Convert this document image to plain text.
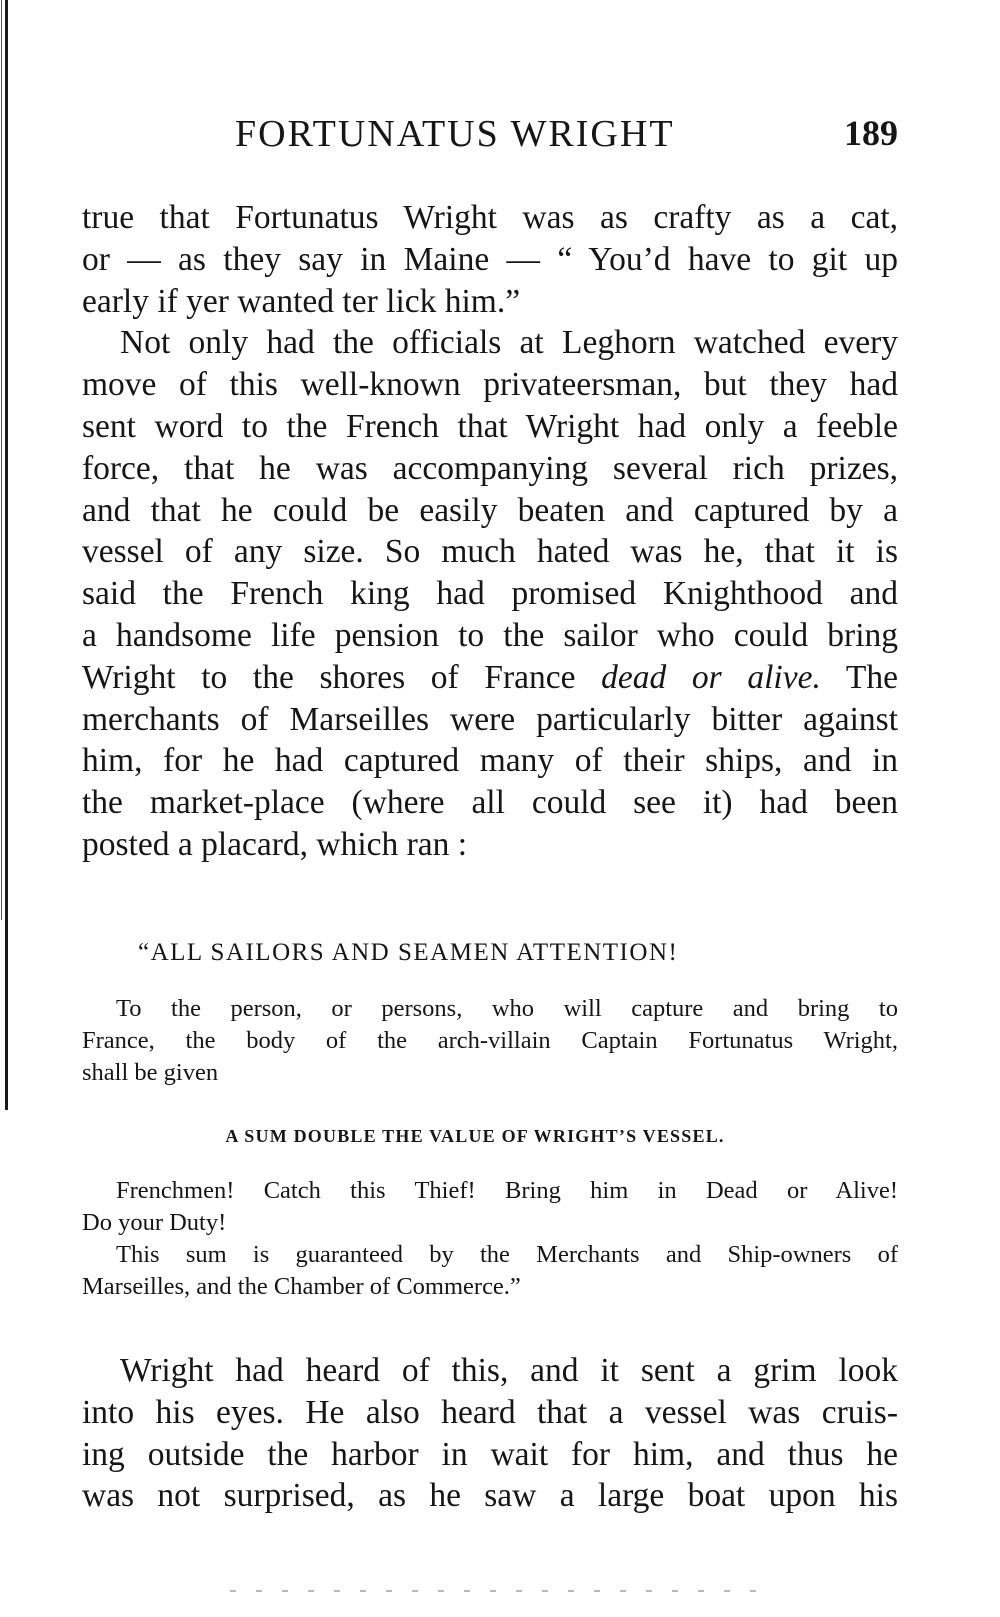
FORTUNATUS WRIGHT	189
true that Fortunatus Wright was as crafty as a cat,
or — as they say in Maine — “ You’d have to git up
early if yer wanted ter lick him.”
Not only had the officials at Leghorn watched every
move of this well-known privateersman, but they had
sent word to the French that Wright had only a feeble
force, that he was accompanying several rich prizes,
and that he could be easily beaten and captured by a
vessel of any size. So much hated was he, that it is
said the French king had promised Knighthood and
a handsome life pension to the sailor who could bring
Wright to the shores of France dead or alive. The
merchants of Marseilles were particularly bitter against
him, for he had captured many of their ships, and in
the market-place (where all could see it) had been
posted a placard, which ran :
“ALL SAILORS AND SEAMEN ATTENTION!
To the person, or persons, who will capture and bring to
France, the body of the arch-villain Captain Fortunatus Wright,
shall be given
A SUM DOUBLE THE VALUE OF WRIGHT’S VESSEL.
Frenchmen! Catch this Thief! Bring him in Dead or Alive!
Do your Duty!
This sum is guaranteed by the Merchants and Ship-owners of
Marseilles, and the Chamber of Commerce.”
Wright had heard of this, and it sent a grim look
into his eyes. He also heard that a vessel was cruis-
ing outside the harbor in wait for him, and thus he
was not surprised, as he saw a large boat upon his
